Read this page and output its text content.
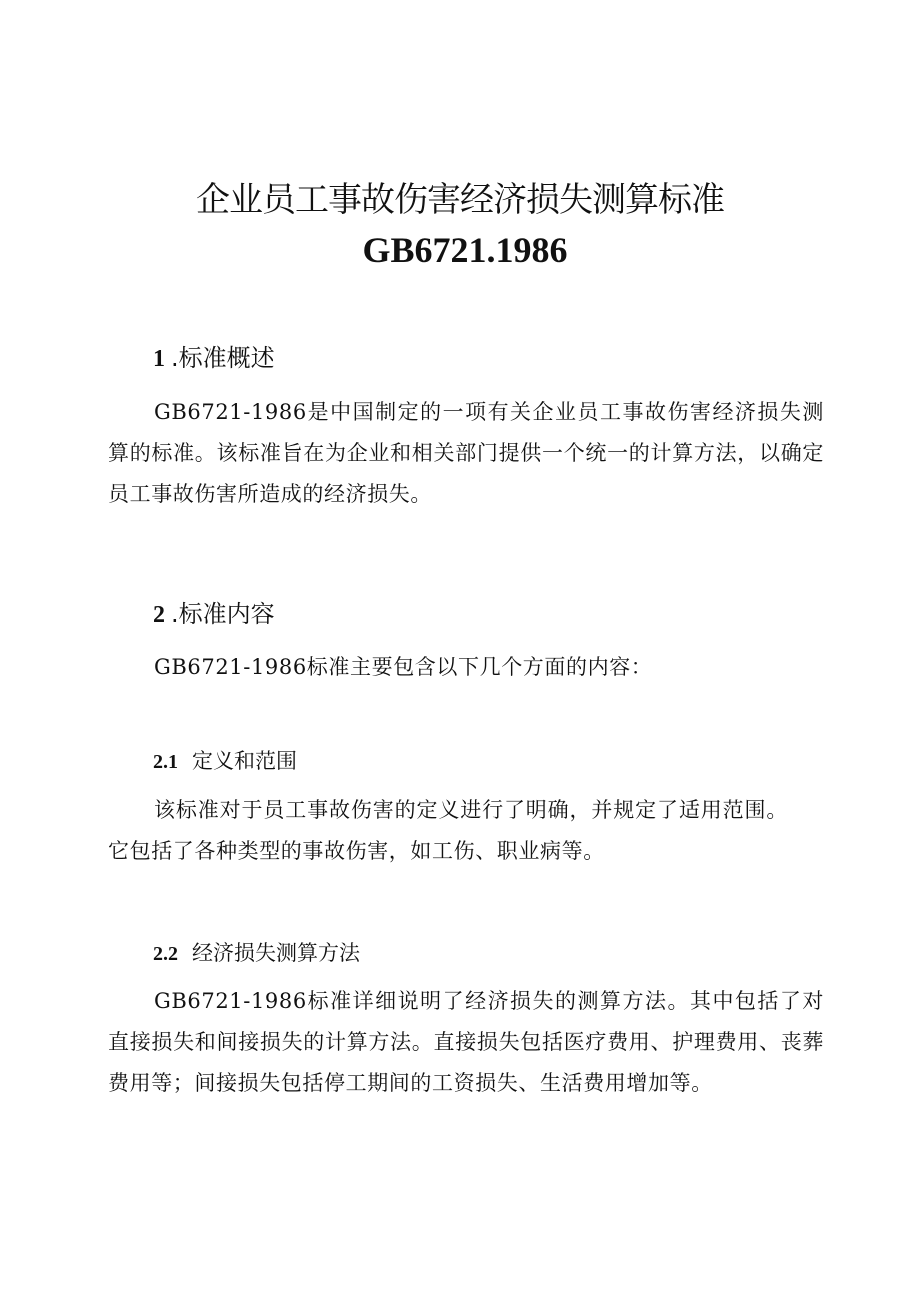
企业员工事故伤害经济损失测算标准
GB6721.1986
1 .标准概述
GB6721-1986是中国制定的一项有关企业员工事故伤害经济损失测算的标准。该标准旨在为企业和相关部门提供一个统一的计算方法，以确定员工事故伤害所造成的经济损失。
2 .标准内容
GB6721-1986标准主要包含以下几个方面的内容：
2.1 定义和范围
该标准对于员工事故伤害的定义进行了明确，并规定了适用范围。它包括了各种类型的事故伤害，如工伤、职业病等。
2.2 经济损失测算方法
GB6721-1986标准详细说明了经济损失的测算方法。其中包括了对直接损失和间接损失的计算方法。直接损失包括医疗费用、护理费用、丧葬费用等；间接损失包括停工期间的工资损失、生活费用增加等。
